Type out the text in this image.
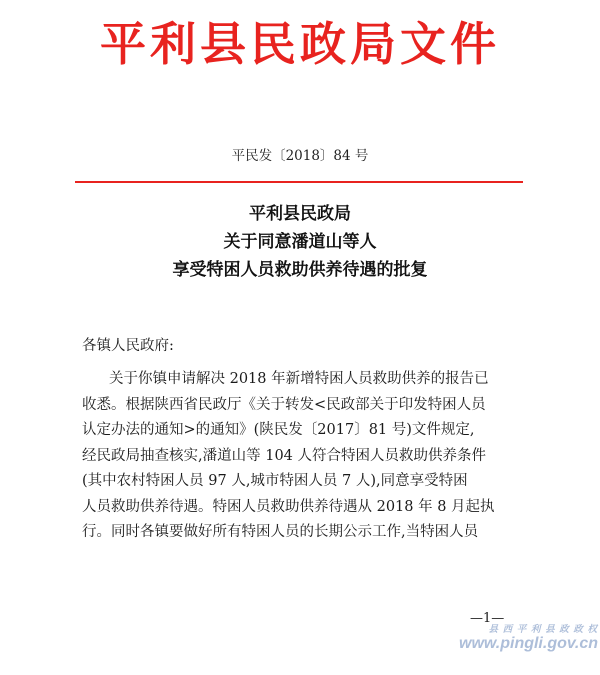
平利县民政局文件
平民发〔2018〕84 号
平利县民政局
关于同意潘道山等人
享受特困人员救助供养待遇的批复
各镇人民政府:
关于你镇申请解决 2018 年新增特困人员救助供养的报告已
收悉。根据陕西省民政厅《关于转发<民政部关于印发特困人员
认定办法的通知>的通知》(陕民发〔2017〕81 号)文件规定,
经民政局抽查核实,潘道山等 104 人符合特困人员救助供养条件
(其中农村特困人员 97 人,城市特困人员 7 人),同意享受特困
人员救助供养待遇。特困人员救助供养待遇从 2018 年 8 月起执
行。同时各镇要做好所有特困人员的长期公示工作,当特困人员
—1—
县 西 平 利 县 政 政 权
www.pingli.gov.cn
